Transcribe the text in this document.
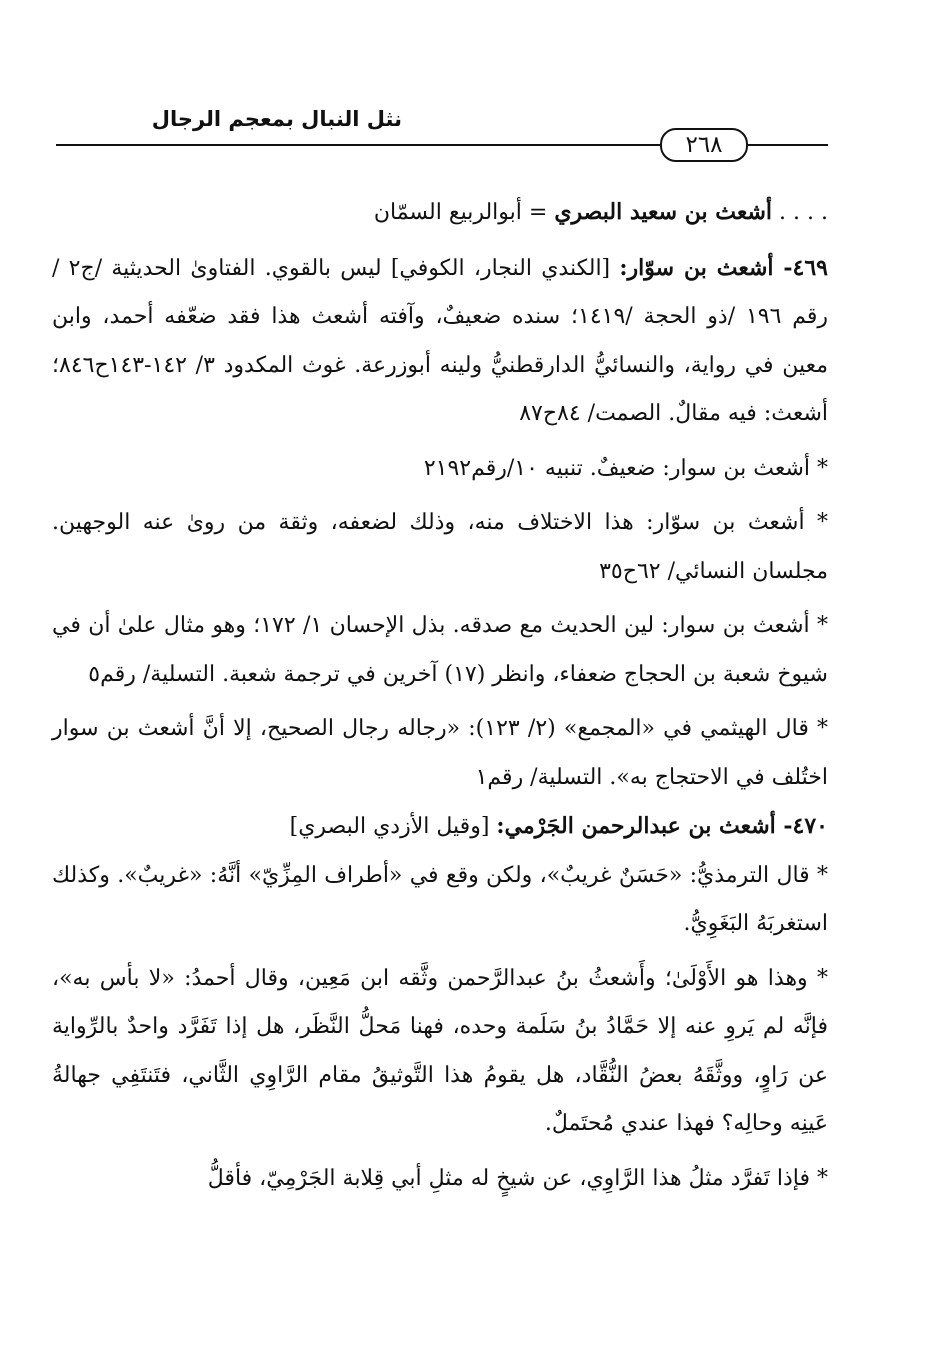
نثل النبال بمعجم الرجال
٢٦٨

. . . . أشعث بن سعيد البصري = أبوالربيع السمّان

٤٦٩- أشعث بن سوّار: [الكندي النجار، الكوفي] ليس بالقوي. الفتاوىٰ الحديثية /ج٢ /رقم ١٩٦ /ذو الحجة /١٤١٩؛ سنده ضعيفٌ، وآفته أشعث هذا فقد ضعّفه أحمد، وابن معين في رواية، والنسائيُّ الدارقطنيُّ ولينه أبوزرعة. غوث المكدود ٣/ ١٤٢-١٤٣ح٨٤٦؛ أشعث: فيه مقالٌ. الصمت/ ٨٤ح٨٧

* أشعث بن سوار: ضعيفٌ. تنبيه ١٠/رقم٢١٩٢

* أشعث بن سوّار: هذا الاختلاف منه، وذلك لضعفه، وثقة من روىٰ عنه الوجهين. مجلسان النسائي/ ٦٢ح٣٥

* أشعث بن سوار: لين الحديث مع صدقه. بذل الإحسان ١/ ١٧٢؛ وهو مثال علىٰ أن في شيوخ شعبة بن الحجاج ضعفاء، وانظر (١٧) آخرين في ترجمة شعبة. التسلية/ رقم٥

* قال الهيثمي في «المجمع» (٢/ ١٢٣): «رجاله رجال الصحيح، إلا أنَّ أشعث بن سوار اختُلف في الاحتجاج به». التسلية/ رقم١

٤٧٠- أشعث بن عبدالرحمن الجَرْمي: [وقيل الأزدي البصري]

* قال الترمذيُّ: «حَسَنٌ غريبٌ»، ولكن وقع في «أطراف المِزِّيّ» أنَّهُ: «غريبٌ». وكذلك استغربَهُ البَغَوِيُّ.

* وهذا هو الأَوْلَىٰ؛ وأَشعثُ بنُ عبدالرَّحمن وثَّقه ابن مَعِين، وقال أحمدُ: «لا بأس به»، فإنَّه لم يَروِ عنه إلا حَمَّادُ بنُ سَلَمة وحده، فهنا مَحلُّ النَّظَر، هل إذا تَفَرَّد واحدٌ بالرِّواية عن رَاوٍ، ووثَّقَهُ بعضُ النُّقَّاد، هل يقومُ هذا التَّوثيقُ مقام الرَّاوِي الثَّاني، فتَنتَفِي جهالةُ عَينِه وحالِه؟ فهذا عندي مُحتَملٌ.

* فإذا تَفرَّد مثلُ هذا الرَّاوِي، عن شيخٍ له مثلِ أبي قِلابة الجَرْمِيّ، فأقلُّ
